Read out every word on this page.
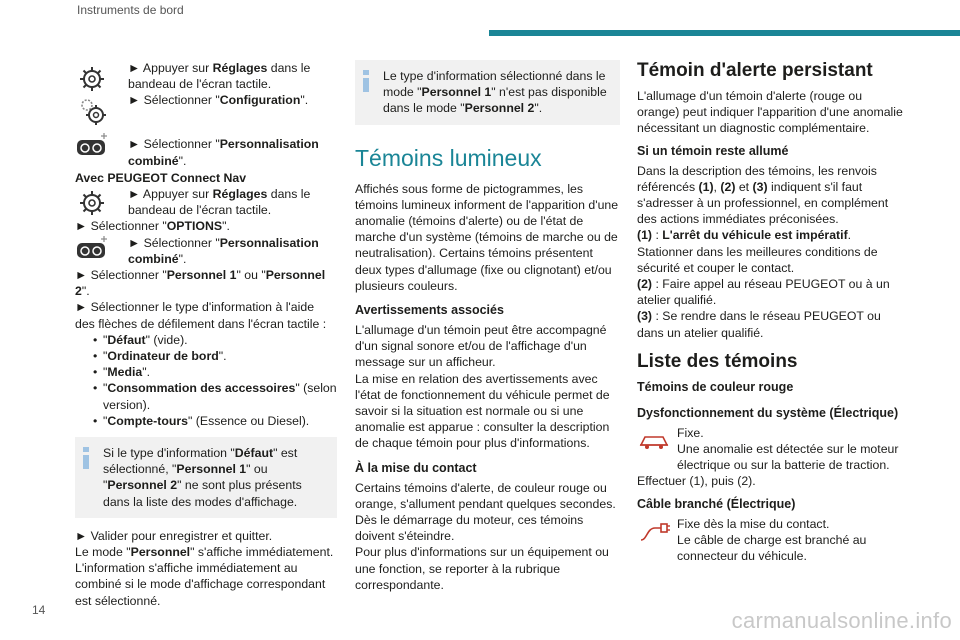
Instruments de bord
14

► Appuyer sur Réglages dans le bandeau de l'écran tactile.

► Sélectionner "Configuration".

► Sélectionner "Personnalisation combiné".

Avec PEUGEOT Connect Nav

► Appuyer sur Réglages dans le bandeau de l'écran tactile.

► Sélectionner "OPTIONS".

► Sélectionner "Personnalisation combiné".

► Sélectionner "Personnel 1" ou "Personnel 2".

► Sélectionner le type d'information à l'aide des flèches de défilement dans l'écran tactile :

• "Défaut" (vide).
• "Ordinateur de bord".
• "Media".
• "Consommation des accessoires" (selon version).
• "Compte-tours" (Essence ou Diesel).

Si le type d'information "Défaut" est sélectionné, "Personnel 1" ou "Personnel 2" ne sont plus présents dans la liste des modes d'affichage.

► Valider pour enregistrer et quitter.

Le mode "Personnel" s'affiche immédiatement.

L'information s'affiche immédiatement au combiné si le mode d'affichage correspondant est sélectionné.

Le type d'information sélectionné dans le mode "Personnel 1" n'est pas disponible dans le mode "Personnel 2".

Témoins lumineux

Affichés sous forme de pictogrammes, les témoins lumineux informent de l'apparition d'une anomalie (témoins d'alerte) ou de l'état de marche d'un système (témoins de marche ou de neutralisation). Certains témoins présentent deux types d'allumage (fixe ou clignotant) et/ou plusieurs couleurs.

Avertissements associés

L'allumage d'un témoin peut être accompagné d'un signal sonore et/ou de l'affichage d'un message sur un afficheur.

La mise en relation des avertissements avec l'état de fonctionnement du véhicule permet de savoir si la situation est normale ou si une anomalie est apparue : consulter la description de chaque témoin pour plus d'informations.

À la mise du contact

Certains témoins d'alerte, de couleur rouge ou orange, s'allument pendant quelques secondes. Dès le démarrage du moteur, ces témoins doivent s'éteindre.

Pour plus d'informations sur un équipement ou une fonction, se reporter à la rubrique correspondante.

Témoin d'alerte persistant

L'allumage d'un témoin d'alerte (rouge ou orange) peut indiquer l'apparition d'une anomalie nécessitant un diagnostic complémentaire.

Si un témoin reste allumé

Dans la description des témoins, les renvois référencés (1), (2) et (3) indiquent s'il faut s'adresser à un professionnel, en complément des actions immédiates préconisées.

(1) : L'arrêt du véhicule est impératif.

Stationner dans les meilleures conditions de sécurité et couper le contact.

(2) : Faire appel au réseau PEUGEOT ou à un atelier qualifié.

(3) : Se rendre dans le réseau PEUGEOT ou dans un atelier qualifié.

Liste des témoins
Témoins de couleur rouge
Dysfonctionnement du système (Électrique)

Fixe.

Une anomalie est détectée sur le moteur électrique ou sur la batterie de traction.

Effectuer (1), puis (2).

Câble branché (Électrique)

Fixe dès la mise du contact.

Le câble de charge est branché au connecteur du véhicule.

carmanualsonline.info
